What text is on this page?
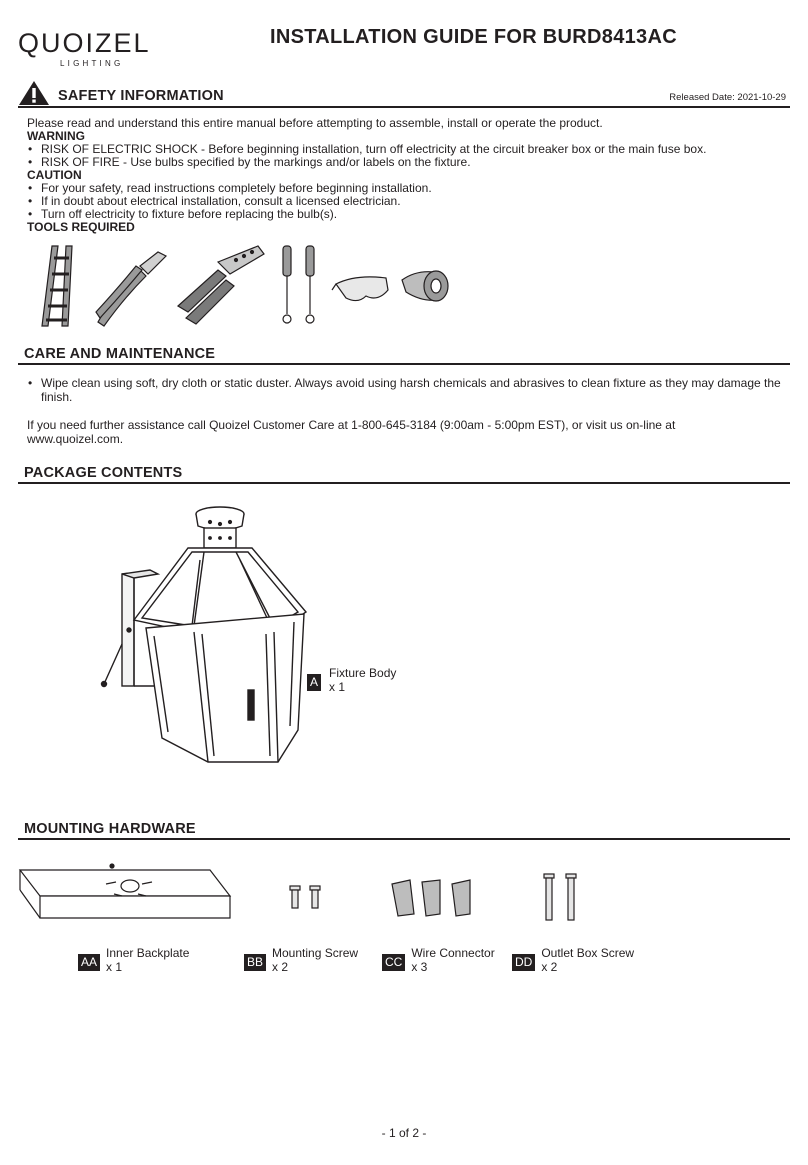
QUOIZEL
LIGHTING
INSTALLATION GUIDE FOR BURD8413AC
SAFETY INFORMATION	Released Date: 2021-10-29
Please read and understand this entire manual before attempting to assemble, install or operate the product.
WARNING
• RISK OF ELECTRIC SHOCK - Before beginning installation, turn off electricity at the circuit breaker box or the main fuse box.
• RISK OF FIRE - Use bulbs specified by the markings and/or labels on the fixture.
CAUTION
• For your safety, read instructions completely before beginning installation.
• If in doubt about electrical installation, consult a licensed electrician.
• Turn off electricity to fixture before replacing the bulb(s).
TOOLS REQUIRED
CARE AND MAINTENANCE
• Wipe clean using soft, dry cloth or static duster. Always avoid using harsh chemicals and abrasives to clean fixture as they may damage the finish.
If you need further assistance call Quoizel Customer Care at 1-800-645-3184 (9:00am - 5:00pm EST), or visit us on-line at
www.quoizel.com.
PACKAGE CONTENTS
A
Fixture Body
x 1
MOUNTING HARDWARE
AA
Inner Backplate
x 1	BB
Mounting Screw
x 2	CC
Wire Connector
x 3	DD
Outlet Box Screw
x 2
- 1 of 2 -
